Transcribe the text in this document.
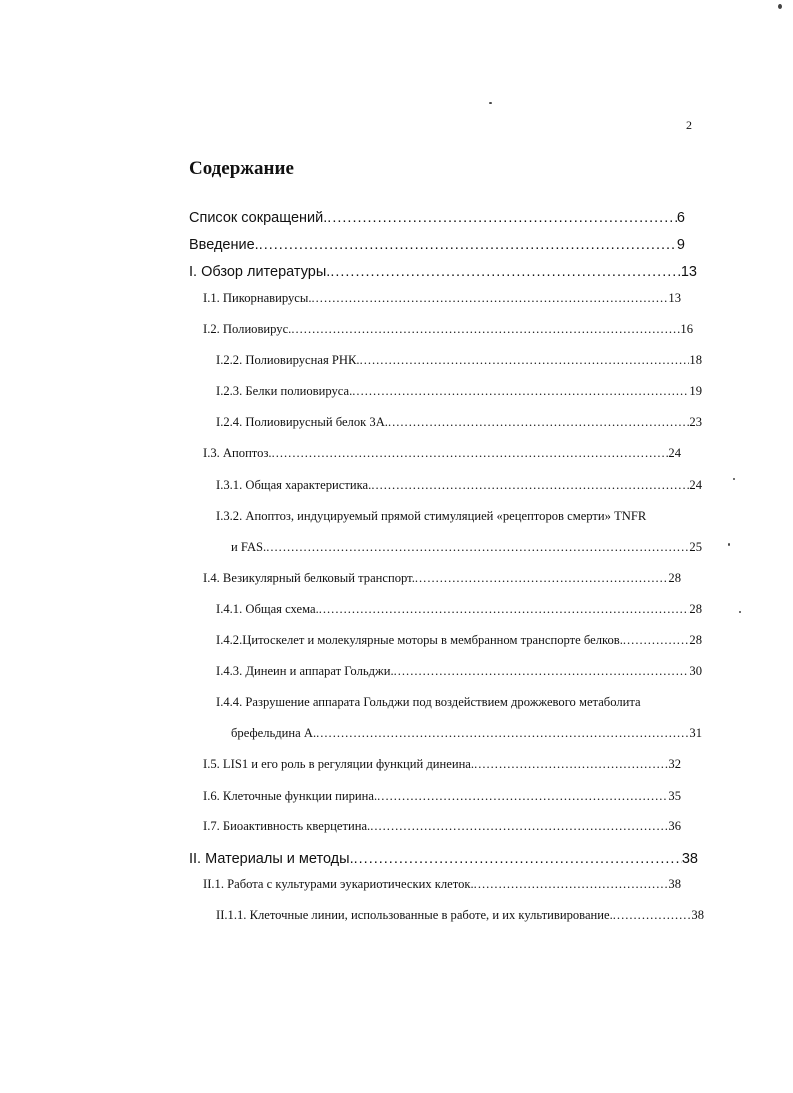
2
Содержание
Список сокращений. .....	6
Введение. .....	9
I. Обзор литературы. .....	13
I.1. Пикорнавирусы. .....	13
I.2. Полиовирус. .....	16
I.2.2. Полиовирусная РНК. .....	18
I.2.3. Белки полиовируса. .....	19
I.2.4. Полиовирусный белок 3А. .....	23
I.3. Апоптоз. .....	24
I.3.1. Общая характеристика. .....	24
I.3.2. Апоптоз, индуцируемый прямой стимуляцией «рецепторов смерти» TNFR
и FAS. .....	25
I.4. Везикулярный белковый транспорт. .....	28
I.4.1. Общая схема. .....	28
I.4.2.Цитоскелет и молекулярные моторы в мембранном транспорте белков. .....	28
I.4.3. Динеин и аппарат Гольджи. .....	30
I.4.4. Разрушение аппарата Гольджи под воздействием дрожжевого метаболита
брефельдина А. .....	31
I.5. LIS1 и его роль в регуляции функций динеина. .....	32
I.6. Клеточные функции пирина. .....	35
I.7. Биоактивность кверцетина. .....	36
II. Материалы и методы. .....	38
II.1. Работа с культурами эукариотических клеток. .....	38
II.1.1. Клеточные линии, использованные в работе, и их культивирование. .....	38
